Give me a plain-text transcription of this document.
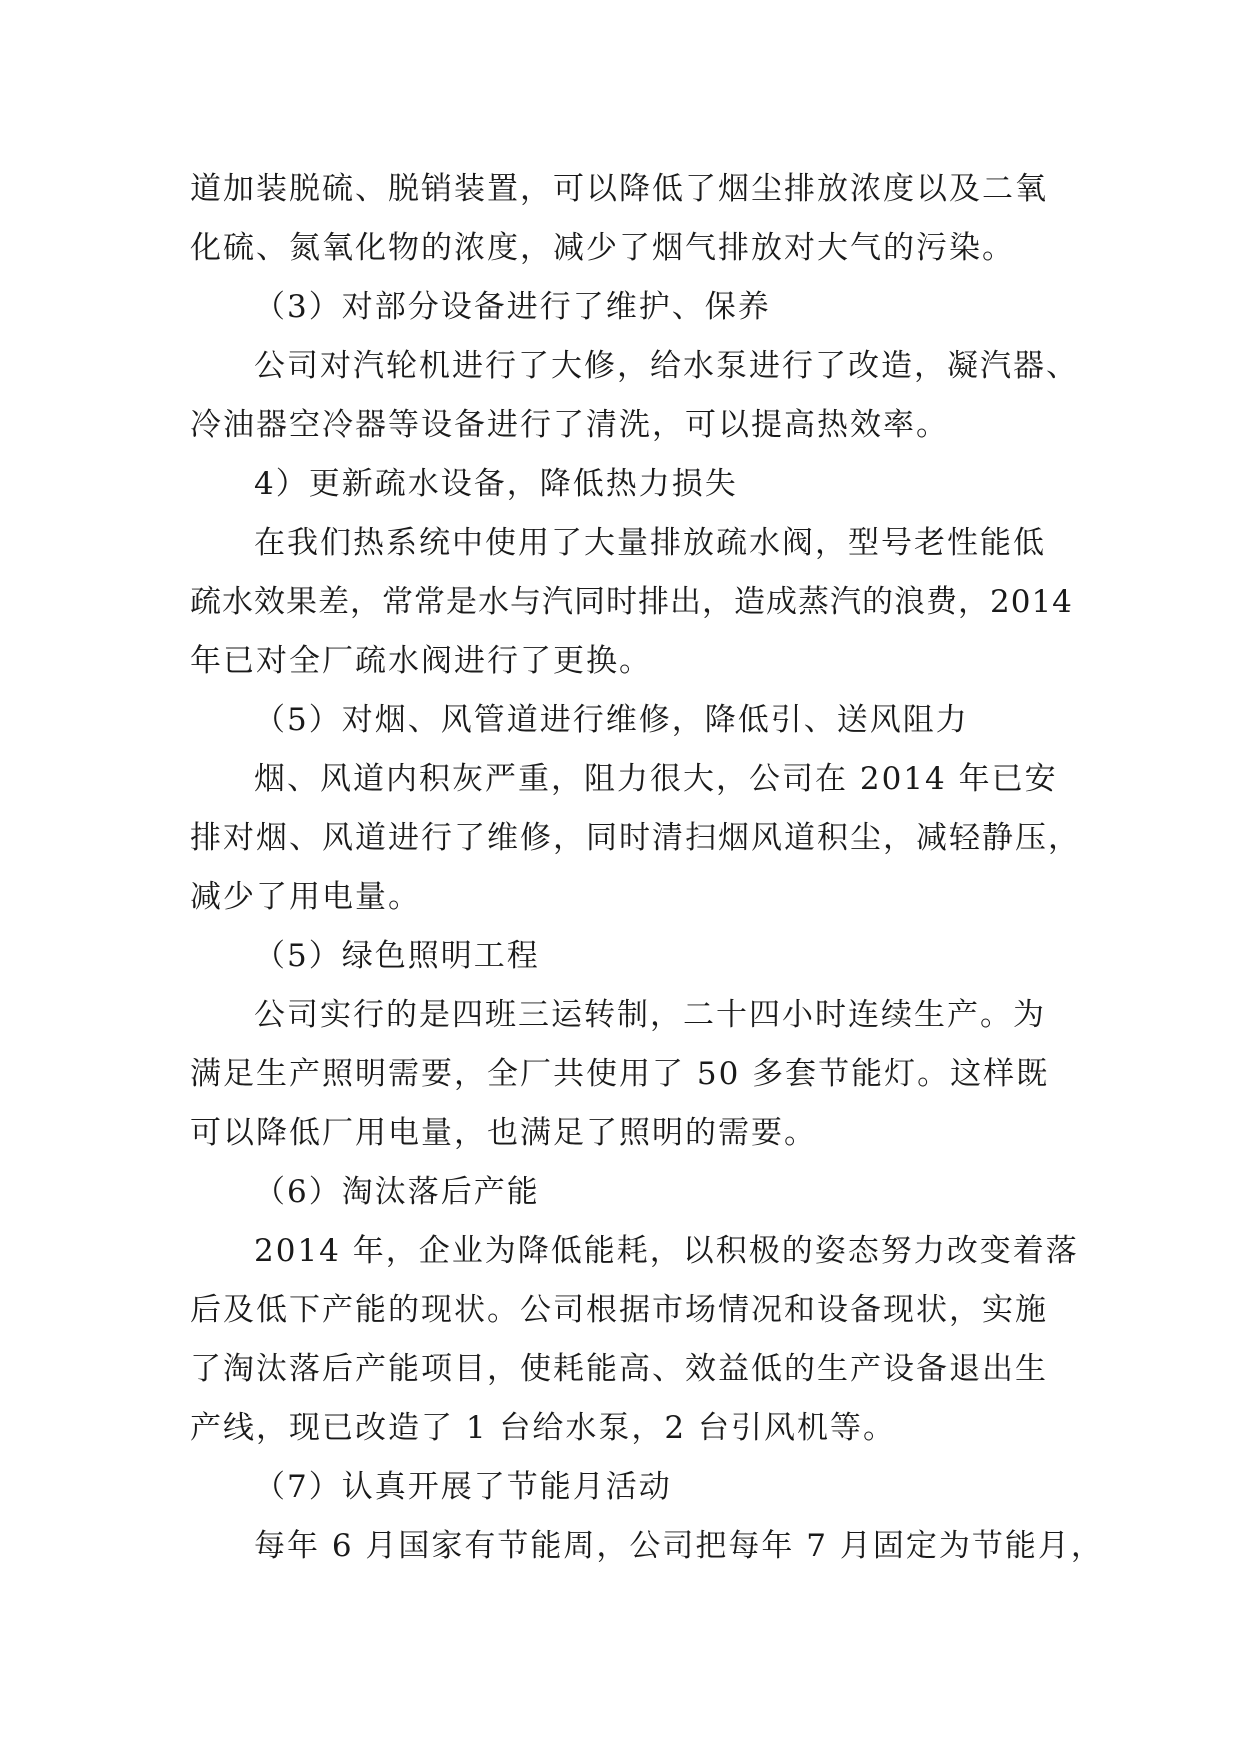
道加装脱硫、脱销装置，可以降低了烟尘排放浓度以及二氧
化硫、氮氧化物的浓度，减少了烟气排放对大气的污染。
（3）对部分设备进行了维护、保养
公司对汽轮机进行了大修，给水泵进行了改造，凝汽器、
冷油器空冷器等设备进行了清洗，可以提高热效率。
4）更新疏水设备，降低热力损失
在我们热系统中使用了大量排放疏水阀，型号老性能低
疏水效果差，常常是水与汽同时排出，造成蒸汽的浪费，2014
年已对全厂疏水阀进行了更换。
（5）对烟、风管道进行维修，降低引、送风阻力
烟、风道内积灰严重，阻力很大，公司在 2014 年已安
排对烟、风道进行了维修，同时清扫烟风道积尘，减轻静压，
减少了用电量。
（5）绿色照明工程
公司实行的是四班三运转制，二十四小时连续生产。为
满足生产照明需要，全厂共使用了 50 多套节能灯。这样既
可以降低厂用电量，也满足了照明的需要。
（6）淘汰落后产能
2014 年，企业为降低能耗，以积极的姿态努力改变着落
后及低下产能的现状。公司根据市场情况和设备现状，实施
了淘汰落后产能项目，使耗能高、效益低的生产设备退出生
产线，现已改造了 1 台给水泵，2 台引风机等。
（7）认真开展了节能月活动
每年 6 月国家有节能周，公司把每年 7 月固定为节能月，
